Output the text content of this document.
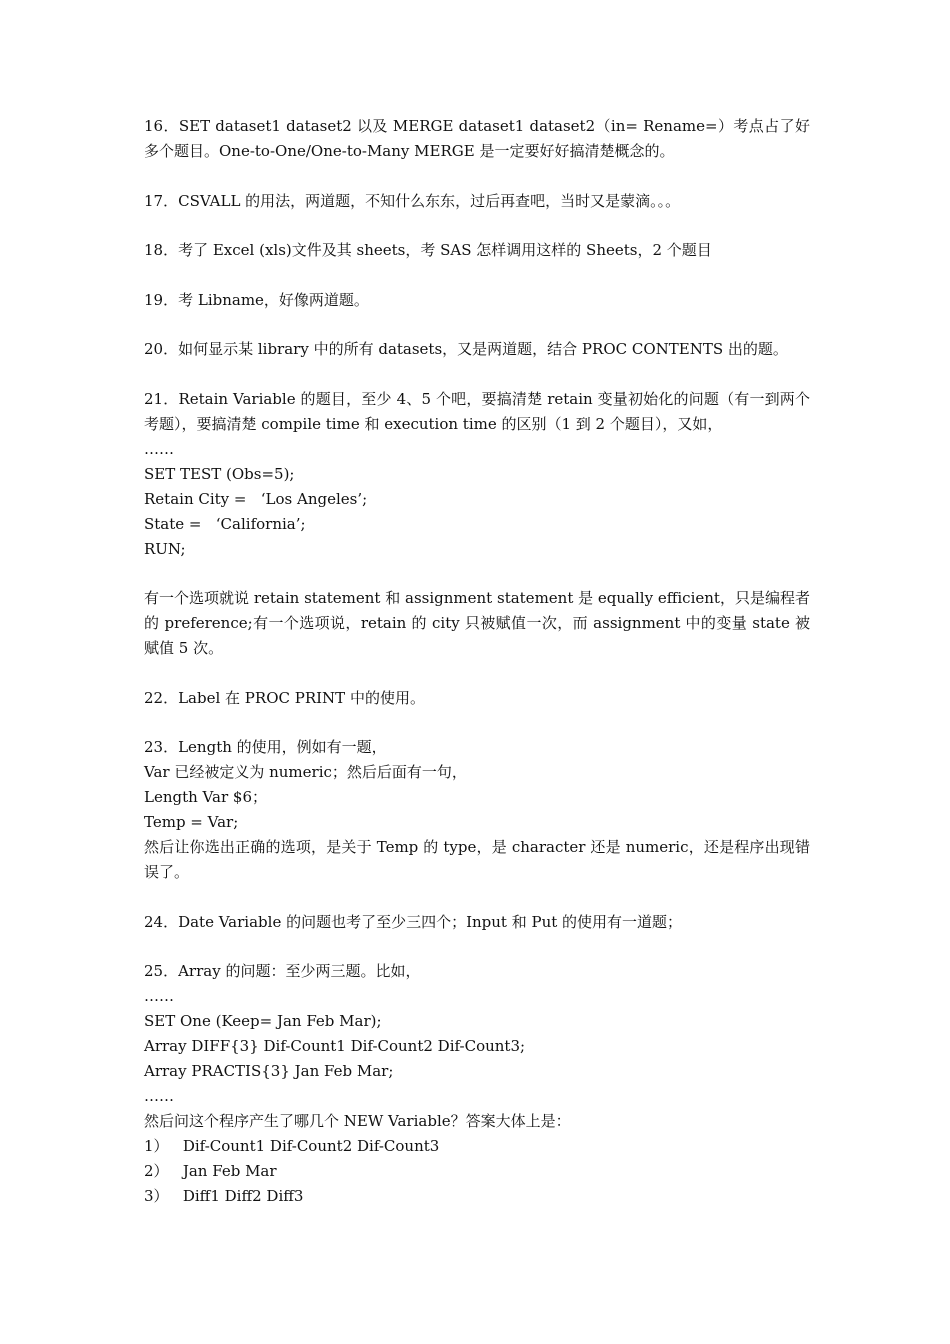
16．SET dataset1 dataset2 以及 MERGE dataset1 dataset2（in= Rename=）考点占了好多个题目。One-to-One/One-to-Many MERGE 是一定要好好搞清楚概念的。

17．CSVALL 的用法，两道题，不知什么东东，过后再查吧，当时又是蒙滴。。。

18．考了 Excel (xls)文件及其 sheets，考 SAS 怎样调用这样的 Sheets，2 个题目

19．考 Libname，好像两道题。

20．如何显示某 library 中的所有 datasets，又是两道题，结合 PROC CONTENTS 出的题。

21．Retain Variable 的题目，至少 4、5 个吧，要搞清楚 retain 变量初始化的问题（有一到两个考题），要搞清楚 compile time 和 execution time 的区别（1 到 2 个题目），又如，

……
SET TEST (Obs=5);
Retain City =   ‘Los Angeles’;
State =   ‘California’;
RUN;

有一个选项就说 retain statement 和 assignment statement 是 equally efficient，只是编程者的 preference;有一个选项说，retain 的 city 只被赋值一次，而 assignment 中的变量 state 被赋值 5 次。

22．Label 在 PROC PRINT 中的使用。

23．Length 的使用，例如有一题，

Var 已经被定义为 numeric；然后后面有一句，
Length Var $6；
Temp = Var;

然后让你选出正确的选项，是关于 Temp 的 type，是 character 还是 numeric，还是程序出现错误了。

24．Date Variable 的问题也考了至少三四个；Input 和 Put 的使用有一道题；

25．Array 的问题：至少两三题。比如，

……
SET One (Keep= Jan Feb Mar);
Array DIFF{3} Dif-Count1 Dif-Count2 Dif-Count3;
Array PRACTIS{3} Jan Feb Mar;
……

然后问这个程序产生了哪几个 NEW Variable？答案大体上是：

1）   Dif-Count1 Dif-Count2 Dif-Count3
2）   Jan Feb Mar
3）   Diff1 Diff2 Diff3
